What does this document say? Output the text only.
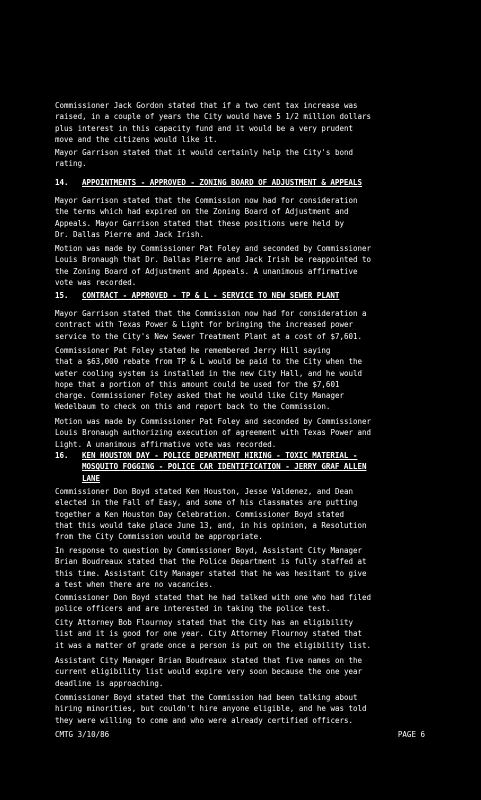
Commissioner Jack Gordon stated that if a two cent tax increase was
raised, in a couple of years the City would have 5 1/2 million dollars
plus interest in this capacity fund and it would be a very prudent
move and the citizens would like it.
Mayor Garrison stated that it would certainly help the City's bond
rating.
14. APPOINTMENTS - APPROVED - ZONING BOARD OF ADJUSTMENT & APPEALS
Mayor Garrison stated that the Commission now had for consideration
the terms which had expired on the Zoning Board of Adjustment and
Appeals. Mayor Garrison stated that these positions were held by
Dr. Dallas Pierre and Jack Irish.
Motion was made by Commissioner Pat Foley and seconded by Commissioner
Louis Bronaugh that Dr. Dallas Pierre and Jack Irish be reappointed to
the Zoning Board of Adjustment and Appeals. A unanimous affirmative
vote was recorded.
15. CONTRACT - APPROVED - TP & L - SERVICE TO NEW SEWER PLANT
Mayor Garrison stated that the Commission now had for consideration a
contract with Texas Power & Light for bringing the increased power
service to the City's New Sewer Treatment Plant at a cost of $7,601.
Commissioner Pat Foley stated he remembered Jerry Hill saying
that a $63,000 rebate from TP & L would be paid to the City when the
water cooling system is installed in the new City Hall, and he would
hope that a portion of this amount could be used for the $7,601
charge. Commissioner Foley asked that he would like City Manager
Wedelbaum to check on this and report back to the Commission.
Motion was made by Commissioner Pat Foley and seconded by Commissioner
Louis Bronaugh authorizing execution of agreement with Texas Power and
Light. A unanimous affirmative vote was recorded.
16. KEN HOUSTON DAY - POLICE DEPARTMENT HIRING - TOXIC MATERIAL -
MOSQUITO FOGGING - POLICE CAR IDENTIFICATION - JERRY GRAF ALLEN
LANE
Commissioner Don Boyd stated Ken Houston, Jesse Valdenez, and Dean
elected in the Fall of Easy, and some of his classmates are putting
together a Ken Houston Day Celebration. Commissioner Boyd stated
that this would take place June 13, and, in his opinion, a Resolution
from the City Commission would be appropriate.
In response to question by Commissioner Boyd, Assistant City Manager
Brian Boudreaux stated that the Police Department is fully staffed at
this time. Assistant City Manager stated that he was hesitant to give
a test when there are no vacancies.
Commissioner Don Boyd stated that he had talked with one who had filed
police officers and are interested in taking the police test.
City Attorney Bob Flournoy stated that the City has an eligibility
list and it is good for one year. City Attorney Flournoy stated that
it was a matter of grade once a person is put on the eligibility list.
Assistant City Manager Brian Boudreaux stated that five names on the
current eligibility list would expire very soon because the one year
deadline is approaching.
Commissioner Boyd stated that the Commission had been talking about
hiring minorities, but couldn't hire anyone eligible, and he was told
they were willing to come and who were already certified officers.
CMTG 3/10/86	PAGE 6
